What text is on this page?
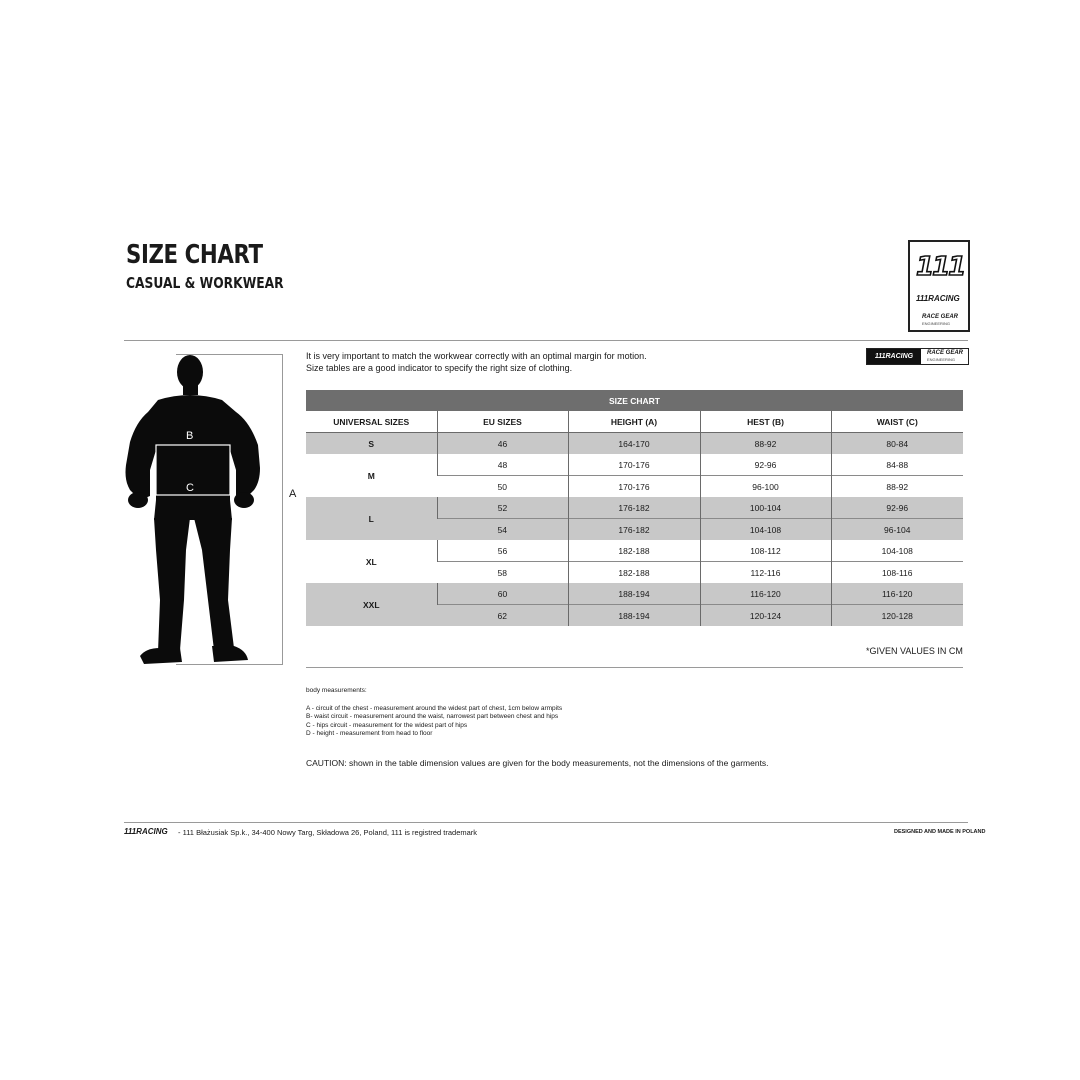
SIZE CHART
CASUAL & WORKWEAR
111
111RACING
RACE GEAR
ENGINEERING
It is very important to match the workwear correctly with an optimal margin for motion.
Size tables are a good indicator to specify the right size of clothing.
111RACING	RACE GEAR
ENGINEERING
B
C	A
SIZE CHART				
UNIVERSAL SIZES	EU SIZES	HEIGHT (A)	HEST (B)	WAIST (C)
S	46	164-170	88-92	80-84
M	48	170-176	92-96	84-88
	50	170-176	96-100	88-92
L	52	176-182	100-104	92-96
	54	176-182	104-108	96-104
XL	56	182-188	108-112	104-108
	58	182-188	112-116	108-116
XXL	60	188-194	116-120	116-120
	62	188-194	120-124	120-128
*GIVEN VALUES IN CM
body measurements:
A - circuit of the chest - measurement around the widest part of chest, 1cm below armpits
B- waist circuit - measurement around the waist, narrowest part between chest and hips
C - hips circuit - measurement for the widest part of hips
D - height - measurement from head to floor
CAUTION: shown in the table dimension values are given for the body measurements, not the dimensions of the garments.
111RACING - 111 Błażusiak Sp.k., 34-400 Nowy Targ, Składowa 26, Poland, 111 is registred trademark	DESIGNED AND MADE IN POLAND
